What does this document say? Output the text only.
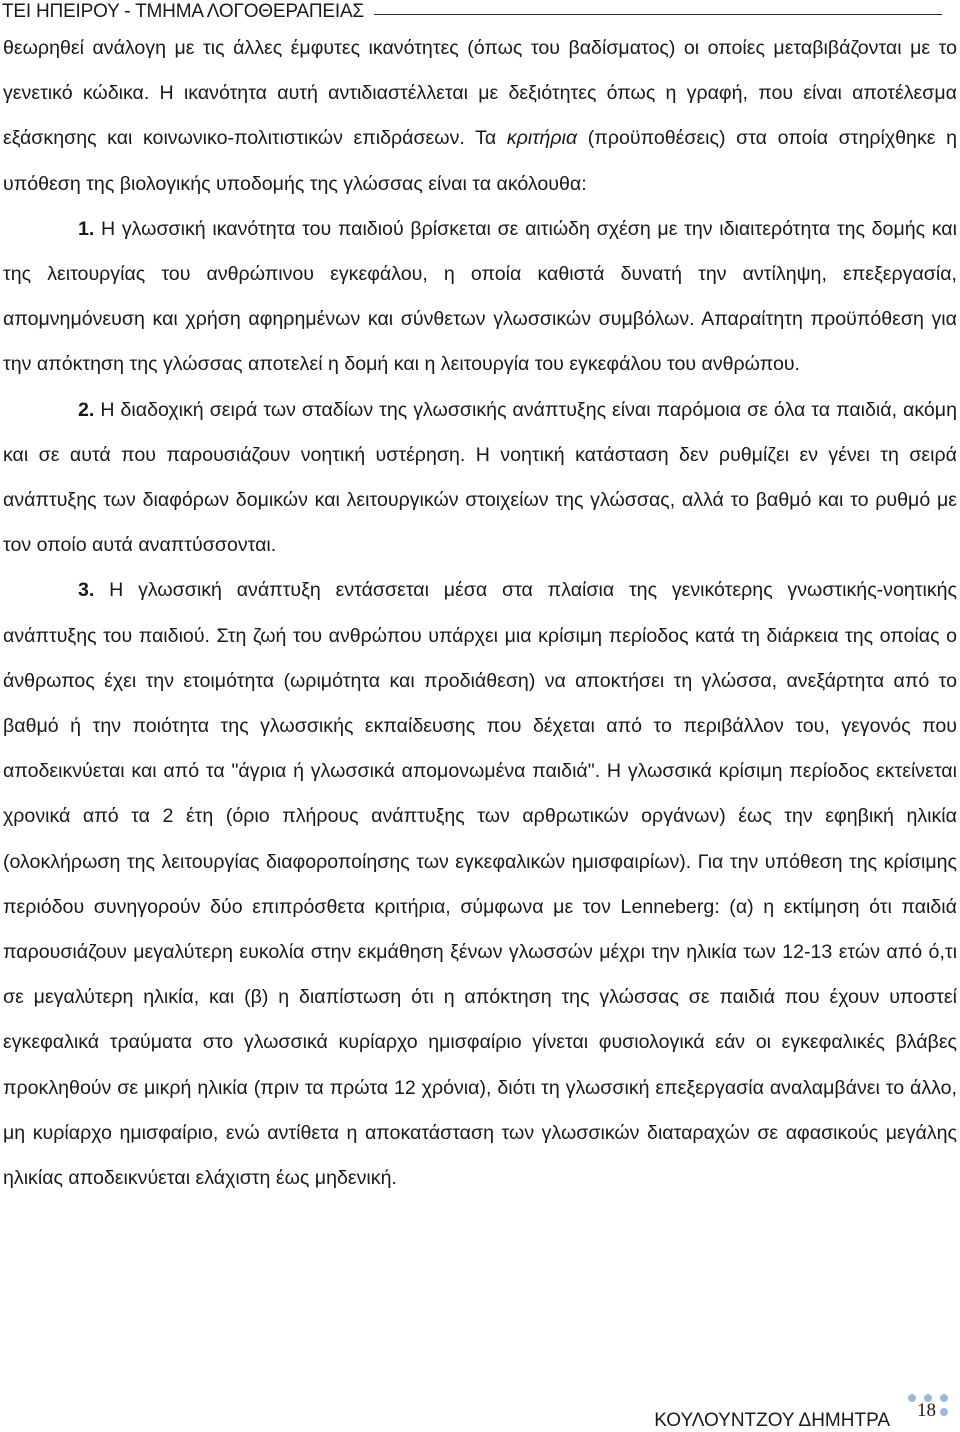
ΤΕΙ ΗΠΕΙΡΟΥ - ΤΜΗΜΑ ΛΟΓΟΘΕΡΑΠΕΙΑΣ

θεωρηθεί ανάλογη με τις άλλες έμφυτες ικανότητες (όπως του βαδίσματος) οι οποίες μεταβιβάζονται με το γενετικό κώδικα. Η ικανότητα αυτή αντιδιαστέλλεται με δεξιότητες όπως η γραφή, που είναι αποτέλεσμα εξάσκησης και κοινωνικο-πολιτιστικών επιδράσεων. Τα κριτήρια (προϋποθέσεις) στα οποία στηρίχθηκε η υπόθεση της βιολογικής υποδομής της γλώσσας είναι τα ακόλουθα:

1. Η γλωσσική ικανότητα του παιδιού βρίσκεται σε αιτιώδη σχέση με την ιδιαιτερότητα της δομής και της λειτουργίας του ανθρώπινου εγκεφάλου, η οποία καθιστά δυνατή την αντίληψη, επεξεργασία, απομνημόνευση και χρήση αφηρημένων και σύνθετων γλωσσικών συμβόλων. Απαραίτητη προϋπόθεση για την απόκτηση της γλώσσας αποτελεί η δομή και η λειτουργία του εγκεφάλου του ανθρώπου.

2. Η διαδοχική σειρά των σταδίων της γλωσσικής ανάπτυξης είναι παρόμοια σε όλα τα παιδιά, ακόμη και σε αυτά που παρουσιάζουν νοητική υστέρηση. Η νοητική κατάσταση δεν ρυθμίζει εν γένει τη σειρά ανάπτυξης των διαφόρων δομικών και λειτουργικών στοιχείων της γλώσσας, αλλά το βαθμό και το ρυθμό με τον οποίο αυτά αναπτύσσονται.

3. Η γλωσσική ανάπτυξη εντάσσεται μέσα στα πλαίσια της γενικότερης γνωστικής-νοητικής ανάπτυξης του παιδιού. Στη ζωή του ανθρώπου υπάρχει μια κρίσιμη περίοδος κατά τη διάρκεια της οποίας ο άνθρωπος έχει την ετοιμότητα (ωριμότητα και προδιάθεση) να αποκτήσει τη γλώσσα, ανεξάρτητα από το βαθμό ή την ποιότητα της γλωσσικής εκπαίδευσης που δέχεται από το περιβάλλον του, γεγονός που αποδεικνύεται και από τα "άγρια ή γλωσσικά απομονωμένα παιδιά". Η γλωσσικά κρίσιμη περίοδος εκτείνεται χρονικά από τα 2 έτη (όριο πλήρους ανάπτυξης των αρθρωτικών οργάνων) έως την εφηβική ηλικία (ολοκλήρωση της λειτουργίας διαφοροποίησης των εγκεφαλικών ημισφαιρίων). Για την υπόθεση της κρίσιμης περιόδου συνηγορούν δύο επιπρόσθετα κριτήρια, σύμφωνα με τον Lenneberg: (α) η εκτίμηση ότι παιδιά παρουσιάζουν μεγαλύτερη ευκολία στην εκμάθηση ξένων γλωσσών μέχρι την ηλικία των 12-13 ετών από ό,τι σε μεγαλύτερη ηλικία, και (β) η διαπίστωση ότι η απόκτηση της γλώσσας σε παιδιά που έχουν υποστεί εγκεφαλικά τραύματα στο γλωσσικά κυρίαρχο ημισφαίριο γίνεται φυσιολογικά εάν οι εγκεφαλικές βλάβες προκληθούν σε μικρή ηλικία (πριν τα πρώτα 12 χρόνια), διότι τη γλωσσική επεξεργασία αναλαμβάνει το άλλο, μη κυρίαρχο ημισφαίριο, ενώ αντίθετα η αποκατάσταση των γλωσσικών διαταραχών σε αφασικούς μεγάλης ηλικίας αποδεικνύεται ελάχιστη έως μηδενική.

ΚΟΥΛΟΥΝΤΖΟΥ ΔΗΜΗΤΡΑ 18
